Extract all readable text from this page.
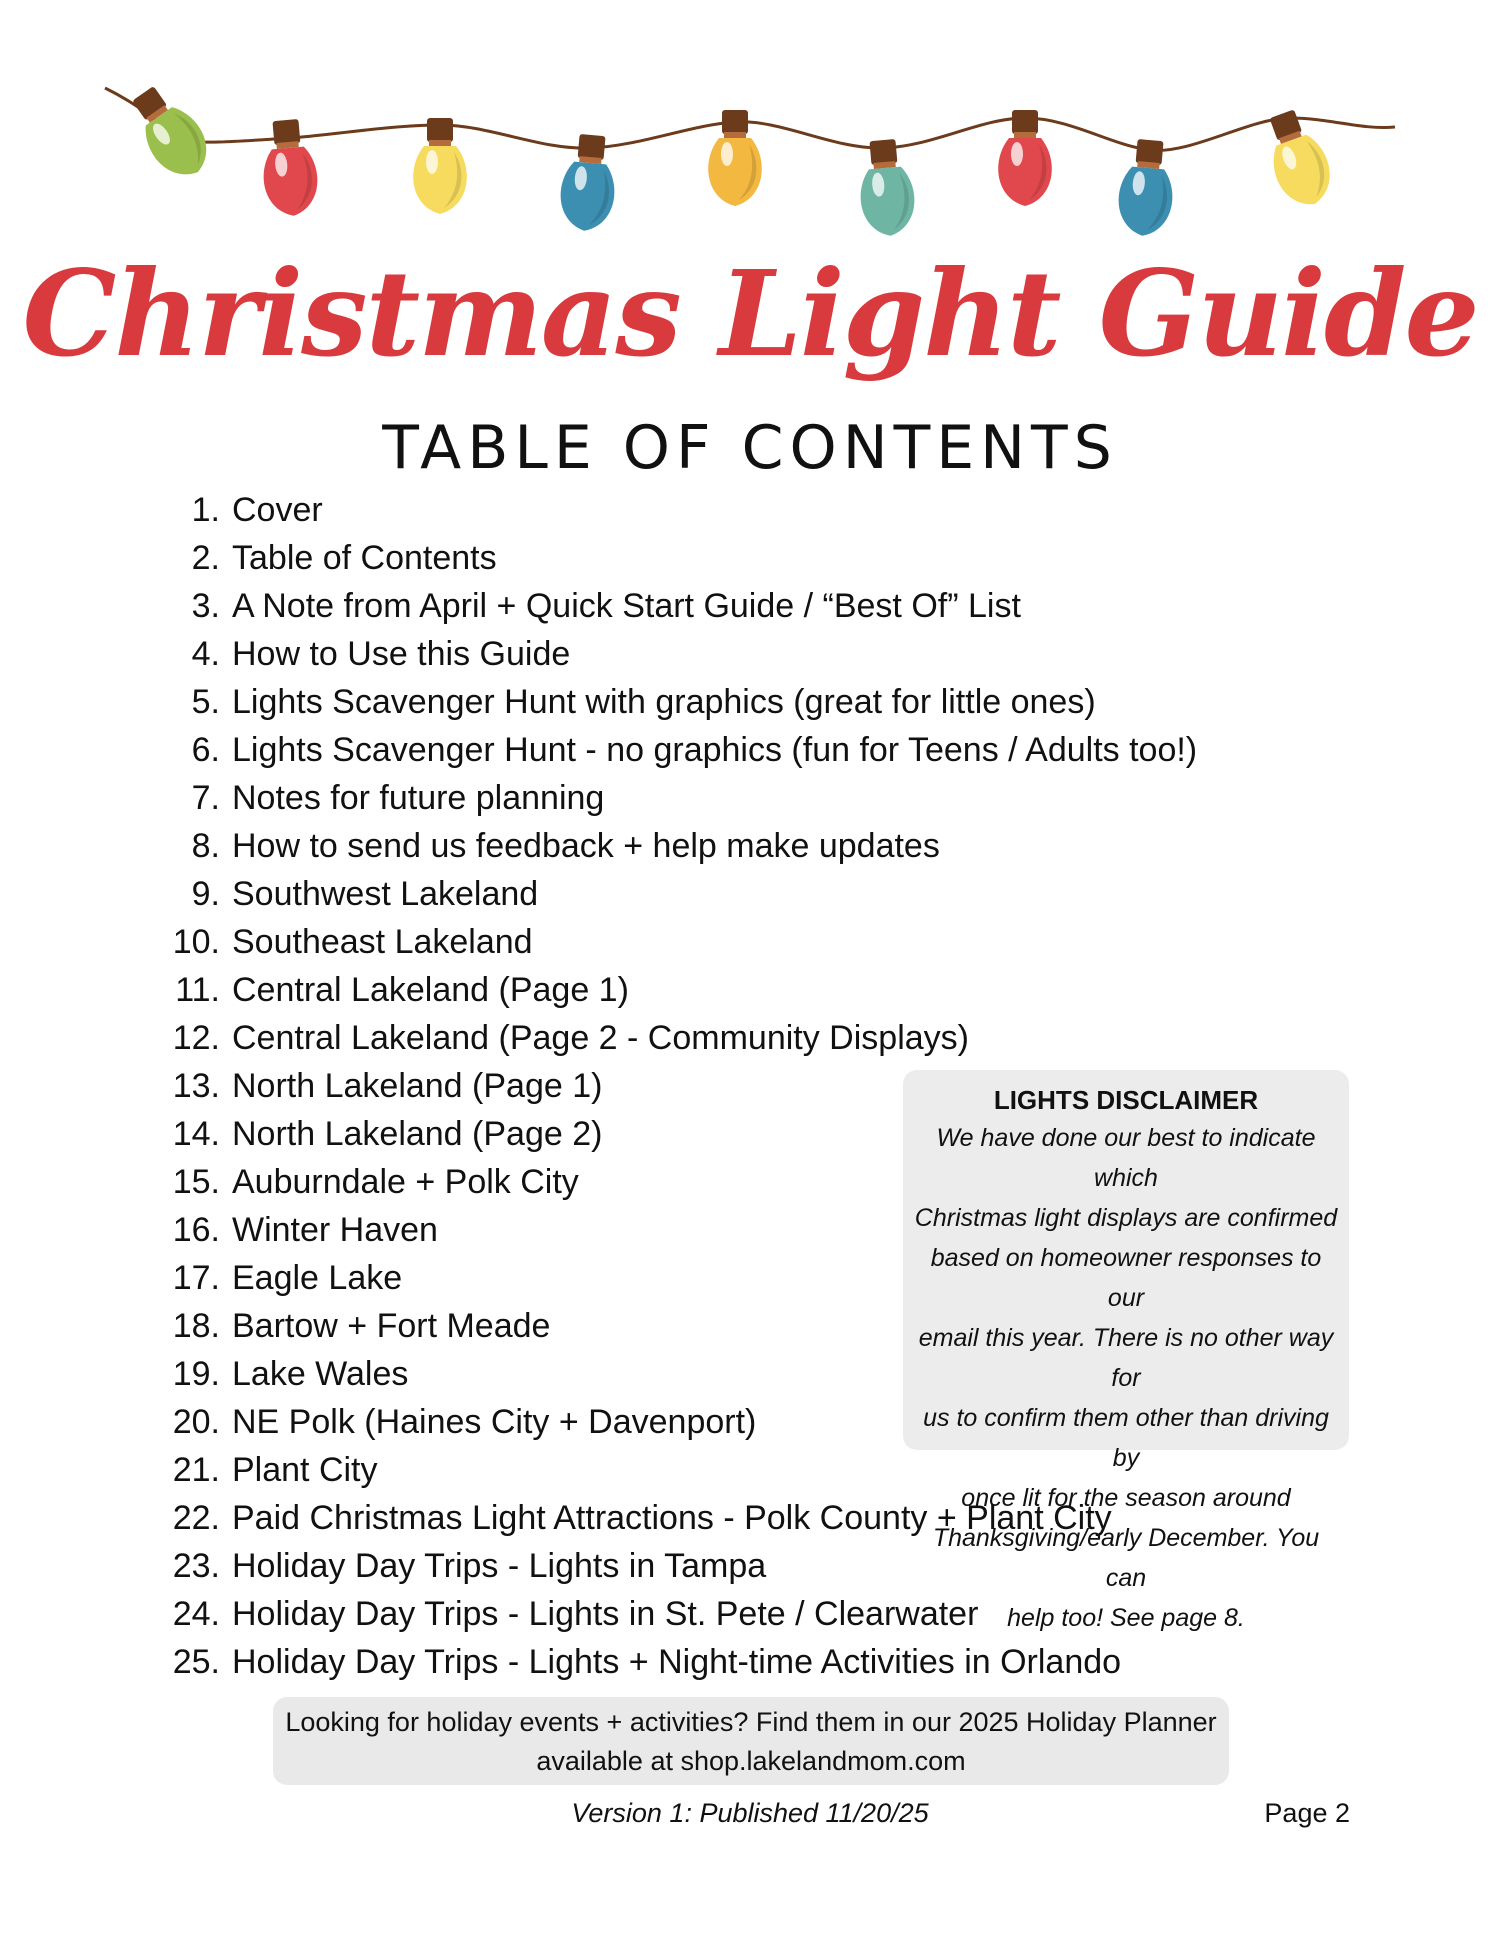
Christmas Light Guide
TABLE OF CONTENTS
1. Cover
2. Table of Contents
3. A Note from April + Quick Start Guide / “Best Of” List
4. How to Use this Guide
5. Lights Scavenger Hunt with graphics (great for little ones)
6. Lights Scavenger Hunt - no graphics (fun for Teens / Adults too!)
7. Notes for future planning
8. How to send us feedback + help make updates
9. Southwest Lakeland
10. Southeast Lakeland
11. Central Lakeland (Page 1)
12. Central Lakeland (Page 2 - Community Displays)
13. North Lakeland (Page 1)
14. North Lakeland (Page 2)
15. Auburndale + Polk City
16. Winter Haven
17. Eagle Lake
18. Bartow + Fort Meade
19. Lake Wales
20. NE Polk (Haines City + Davenport)
21. Plant City
22. Paid Christmas Light Attractions - Polk County + Plant City
23. Holiday Day Trips - Lights in Tampa
24. Holiday Day Trips - Lights in St. Pete / Clearwater
25. Holiday Day Trips - Lights + Night-time Activities in Orlando
LIGHTS DISCLAIMER
We have done our best to indicate which
Christmas light displays are confirmed
based on homeowner responses to our
email this year. There is no other way for
us to confirm them other than driving by
once lit for the season around
Thanksgiving/early December. You can
help too! See page 8.
Looking for holiday events + activities? Find them in our 2025 Holiday Planner
available at shop.lakelandmom.com
Version 1: Published 11/20/25	Page 2
